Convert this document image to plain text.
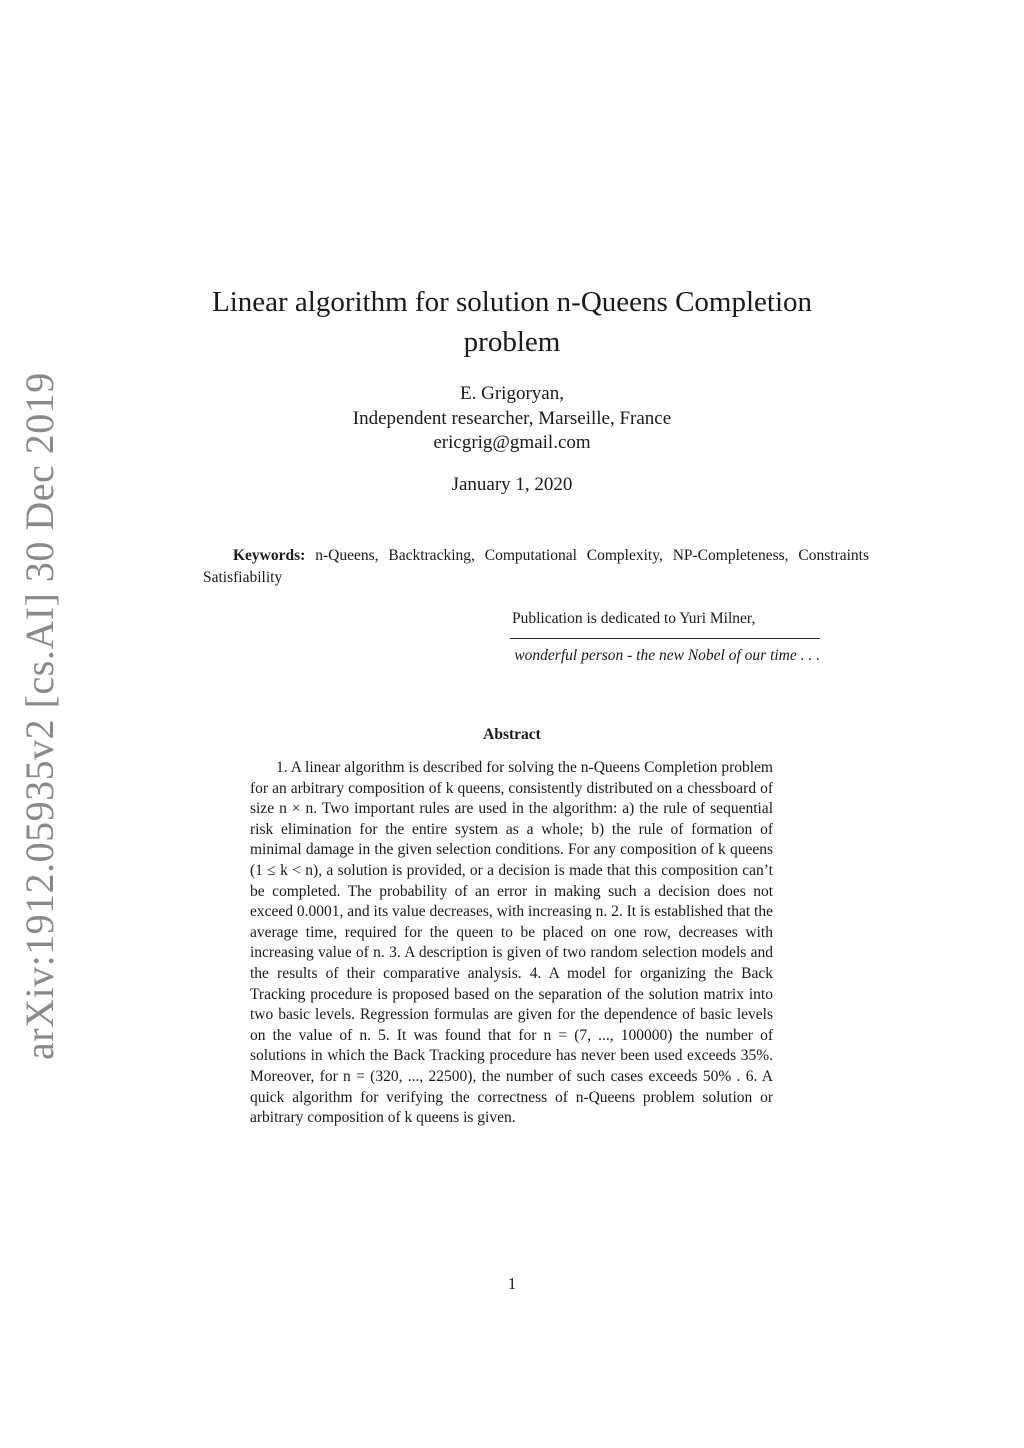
arXiv:1912.05935v2 [cs.AI] 30 Dec 2019
Linear algorithm for solution n-Queens Completion
problem
E. Grigoryan,
Independent researcher, Marseille, France
ericgrig@gmail.com
January 1, 2020
Keywords: n-Queens, Backtracking, Computational Complexity, NP-Completeness, Constraints Satisfiability
Publication is dedicated to Yuri Milner,
wonderful person - the new Nobel of our time . . .
Abstract
1. A linear algorithm is described for solving the n-Queens Completion problem for an arbitrary composition of k queens, consistently distributed on a chessboard of size n × n. Two important rules are used in the algorithm: a) the rule of sequential risk elimination for the entire system as a whole; b) the rule of formation of minimal damage in the given selection conditions. For any composition of k queens (1 ≤ k < n), a solution is provided, or a decision is made that this composition can’t be completed. The probability of an error in making such a decision does not exceed 0.0001, and its value decreases, with increasing n. 2. It is established that the average time, required for the queen to be placed on one row, decreases with increasing value of n. 3. A description is given of two random selection models and the results of their comparative analysis. 4. A model for organizing the Back Tracking procedure is proposed based on the separation of the solution matrix into two basic levels. Regression formulas are given for the dependence of basic levels on the value of n. 5. It was found that for n = (7, ..., 100000) the number of solutions in which the Back Tracking procedure has never been used exceeds 35%. Moreover, for n = (320, ..., 22500), the number of such cases exceeds 50% . 6. A quick algorithm for verifying the correctness of n-Queens problem solution or arbitrary composition of k queens is given.
1
